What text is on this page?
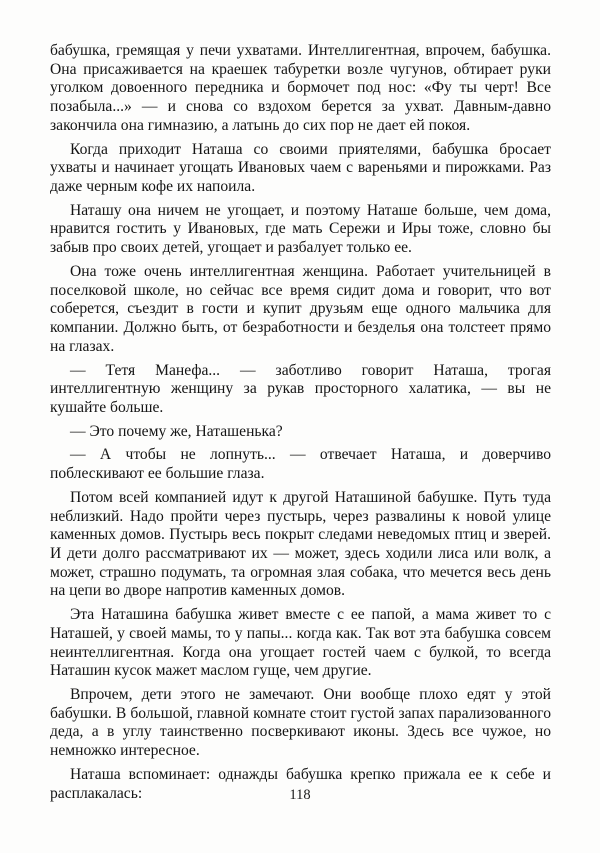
бабушка, гремящая у печи ухватами. Интеллигентная, впрочем, бабушка. Она присаживается на краешек табуретки возле чугунов, обтирает руки уголком довоенного передника и бормочет под нос: «Фу ты черт! Все позабыла...» — и снова со вздохом берется за ухват. Давным-давно закончила она гимназию, а латынь до сих пор не дает ей покоя.

Когда приходит Наташа со своими приятелями, бабушка бросает ухваты и начинает угощать Ивановых чаем с вареньями и пирожками. Раз даже черным кофе их напоила.

Наташу она ничем не угощает, и поэтому Наташе больше, чем дома, нравится гостить у Ивановых, где мать Сережи и Иры тоже, словно бы забыв про своих детей, угощает и разбалует только ее.

Она тоже очень интеллигентная женщина. Работает учительницей в поселковой школе, но сейчас все время сидит дома и говорит, что вот соберется, съездит в гости и купит друзьям еще одного мальчика для компании. Должно быть, от безработности и безделья она толстеет прямо на глазах.

— Тетя Манефа... — заботливо говорит Наташа, трогая интеллигентную женщину за рукав просторного халатика, — вы не кушайте больше.

— Это почему же, Наташенька?

— А чтобы не лопнуть... — отвечает Наташа, и доверчиво поблескивают ее большие глаза.

Потом всей компанией идут к другой Наташиной бабушке. Путь туда неблизкий. Надо пройти через пустырь, через развалины к новой улице каменных домов. Пустырь весь покрыт следами неведомых птиц и зверей. И дети долго рассматривают их — может, здесь ходили лиса или волк, а может, страшно подумать, та огромная злая собака, что мечется весь день на цепи во дворе напротив каменных домов.

Эта Наташина бабушка живет вместе с ее папой, а мама живет то с Наташей, у своей мамы, то у папы... когда как. Так вот эта бабушка совсем неинтеллигентная. Когда она угощает гостей чаем с булкой, то всегда Наташин кусок мажет маслом гуще, чем другие.

Впрочем, дети этого не замечают. Они вообще плохо едят у этой бабушки. В большой, главной комнате стоит густой запах парализованного деда, а в углу таинственно посверкивают иконы. Здесь все чужое, но немножко интересное.

Наташа вспоминает: однажды бабушка крепко прижала ее к себе и расплакалась:	118
